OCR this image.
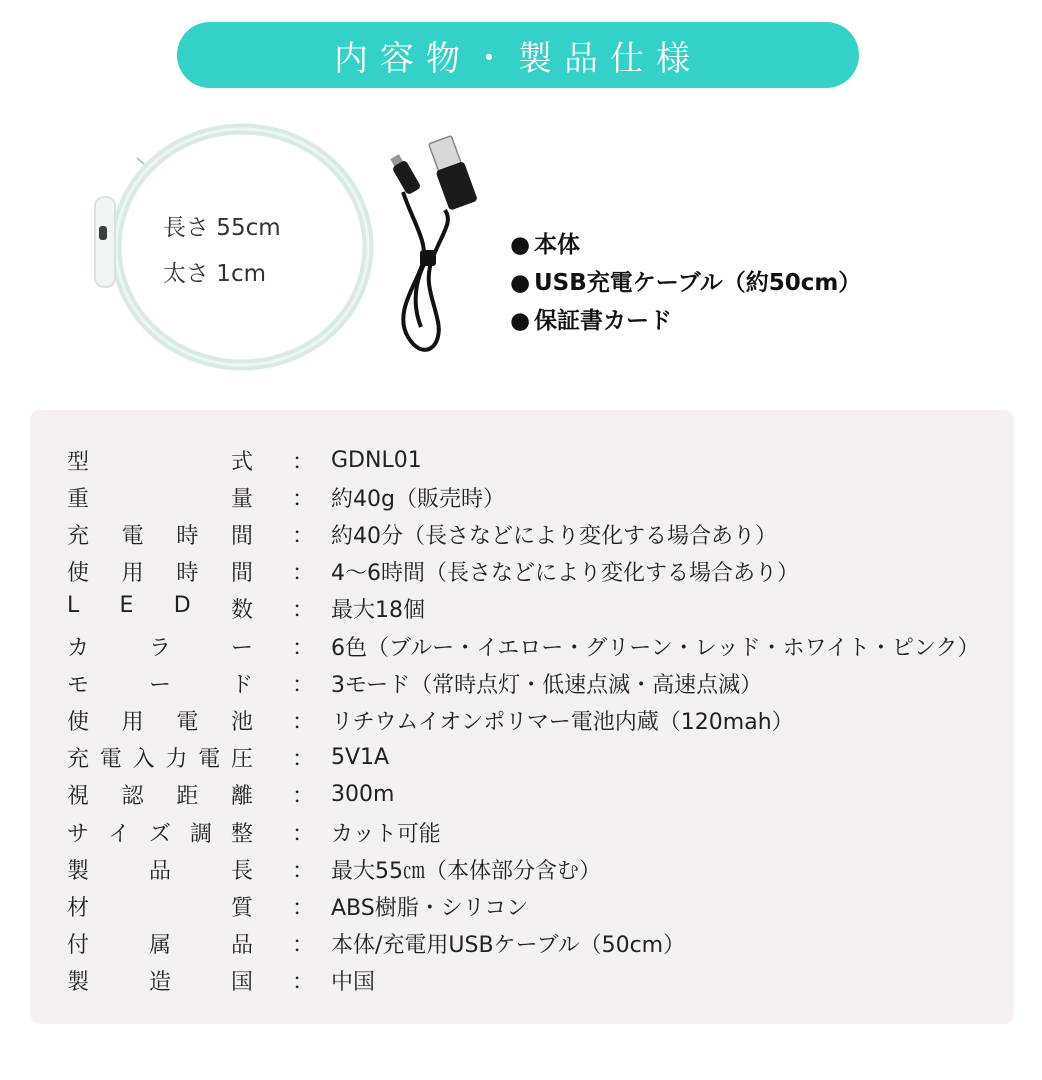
内容物・製品仕様
長さ 55cm
太さ 1cm
● 本体
● USB充電ケーブル（約50cm）
● 保証書カード
型	式	： GDNL01
重	量	： 約40g（販売時）
充 電 時 間	： 約40分（長さなどにより変化する場合あり）
使 用 時 間	： 4〜6時間（長さなどにより変化する場合あり）
L E D 数	： 最大18個
カ	ラ	ー	： 6色（ブルー・イエロー・グリーン・レッド・ホワイト・ピンク）
モ	ー	ド	： 3モード（常時点灯・低速点滅・高速点滅）
使 用 電 池	： リチウムイオンポリマー電池内蔵（120mah）
充 電 入 力 電 圧	： 5V1A
視 認 距 離	： 300m
サ イ ズ 調 整	： カット可能
製	品	長	： 最大55㎝（本体部分含む）
材	質	： ABS樹脂・シリコン
付	属	品	： 本体/充電用USBケーブル（50cm）
製	造	国	： 中国
